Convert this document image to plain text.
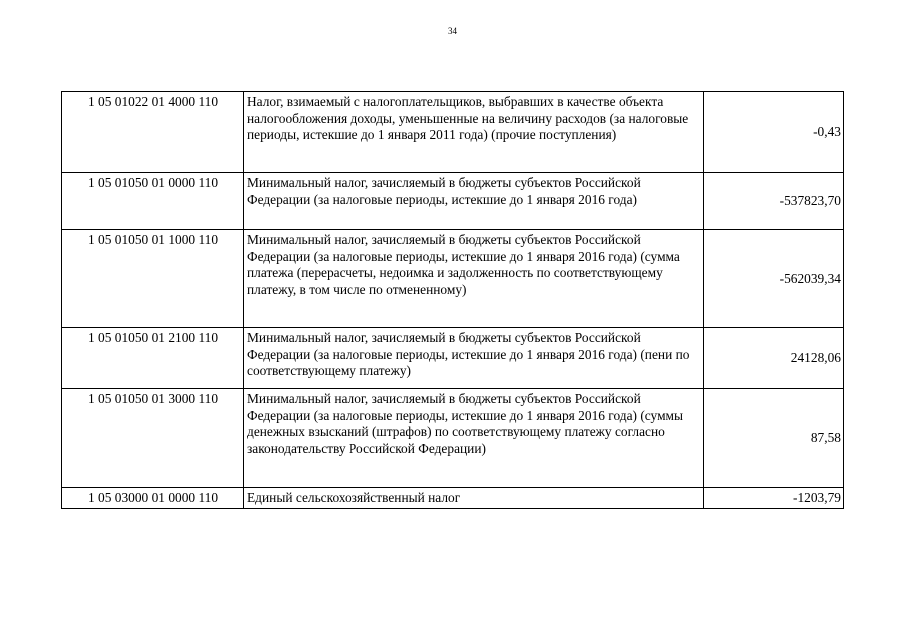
34
1 05 01022 01 4000 110	Налог, взимаемый с налогоплательщиков, выбравших в качестве объекта налогообложения доходы, уменьшенные на величину расходов (за налоговые периоды, истекшие до 1 января 2011 года) (прочие поступления)	-0,43
1 05 01050 01 0000 110	Минимальный налог, зачисляемый в бюджеты субъектов Российской Федерации (за налоговые периоды, истекшие до 1 января 2016 года)	-537823,70
1 05 01050 01 1000 110	Минимальный налог, зачисляемый в бюджеты субъектов Российской Федерации (за налоговые периоды, истекшие до 1 января 2016 года) (сумма платежа (перерасчеты, недоимка и задолженность по соответствующему платежу, в том числе по отмененному)	-562039,34
1 05 01050 01 2100 110	Минимальный налог, зачисляемый в бюджеты субъектов Российской Федерации (за налоговые периоды, истекшие до 1 января 2016 года) (пени по соответствующему платежу)	24128,06
1 05 01050 01 3000 110	Минимальный налог, зачисляемый в бюджеты субъектов Российской Федерации (за налоговые периоды, истекшие до 1 января 2016 года) (суммы денежных взысканий (штрафов) по соответствующему платежу согласно законодательству Российской Федерации)	87,58
1 05 03000 01 0000 110	Единый сельскохозяйственный налог	-1203,79
